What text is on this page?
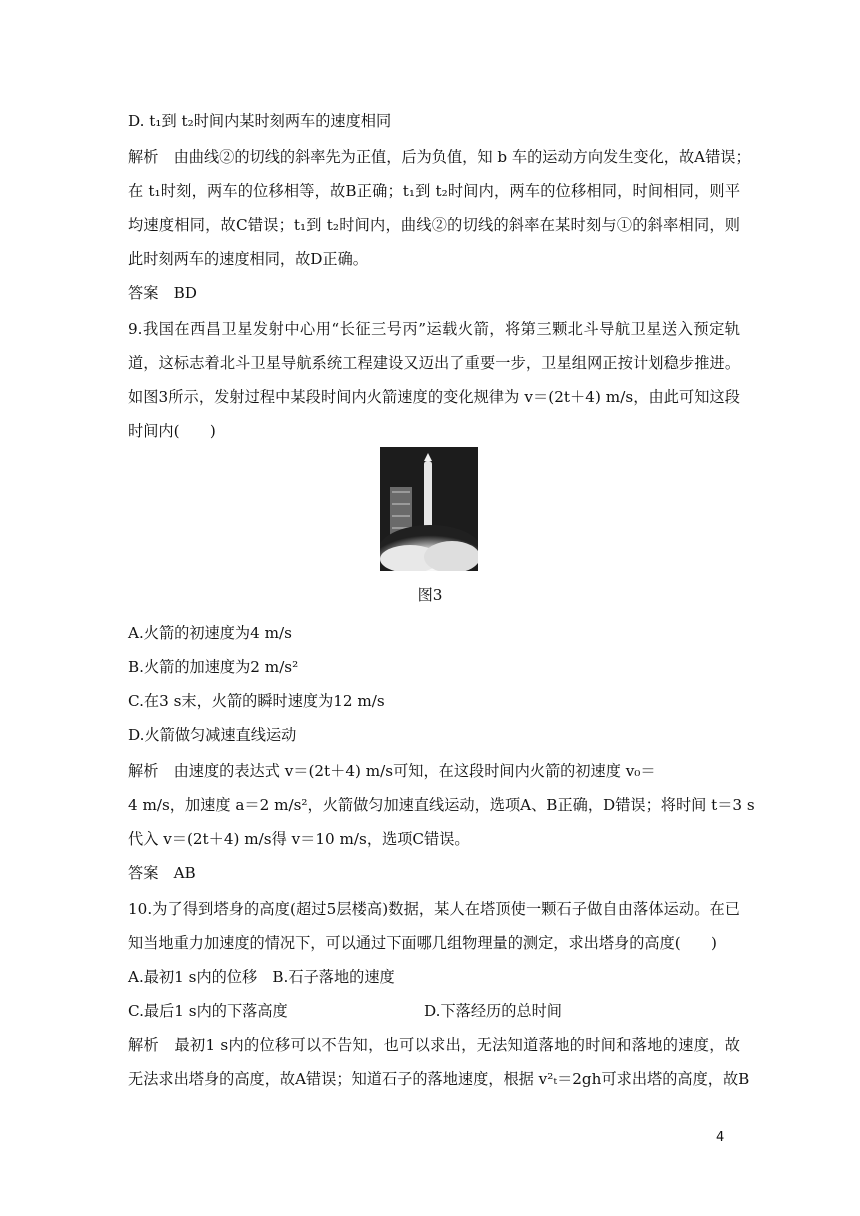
D. t₁到 t₂时间内某时刻两车的速度相同
解析　由曲线②的切线的斜率先为正值，后为负值，知 b 车的运动方向发生变化，故A错误；
在 t₁时刻，两车的位移相等，故B正确；t₁到 t₂时间内，两车的位移相同，时间相同，则平
均速度相同，故C错误；t₁到 t₂时间内，曲线②的切线的斜率在某时刻与①的斜率相同，则
此时刻两车的速度相同，故D正确。
答案　BD
9.我国在西昌卫星发射中心用“长征三号丙”运载火箭，将第三颗北斗导航卫星送入预定轨
道，这标志着北斗卫星导航系统工程建设又迈出了重要一步，卫星组网正按计划稳步推进。
如图3所示，发射过程中某段时间内火箭速度的变化规律为 v＝(2t＋4) m/s，由此可知这段
时间内(　　)
图3
A.火箭的初速度为4 m/s
B.火箭的加速度为2 m/s²
C.在3 s末，火箭的瞬时速度为12 m/s
D.火箭做匀减速直线运动
解析　由速度的表达式 v＝(2t＋4) m/s可知，在这段时间内火箭的初速度 v₀＝
4 m/s，加速度 a＝2 m/s²，火箭做匀加速直线运动，选项A、B正确，D错误；将时间 t＝3 s
代入 v＝(2t＋4) m/s得 v＝10 m/s，选项C错误。
答案　AB
10.为了得到塔身的高度(超过5层楼高)数据，某人在塔顶使一颗石子做自由落体运动。在已
知当地重力加速度的情况下，可以通过下面哪几组物理量的测定，求出塔身的高度(　　)
A.最初1 s内的位移　B.石子落地的速度
C.最后1 s内的下落高度	D.下落经历的总时间
解析　最初1 s内的位移可以不告知，也可以求出，无法知道落地的时间和落地的速度，故
无法求出塔身的高度，故A错误；知道石子的落地速度，根据 v²ₜ＝2gh可求出塔的高度，故B
4
